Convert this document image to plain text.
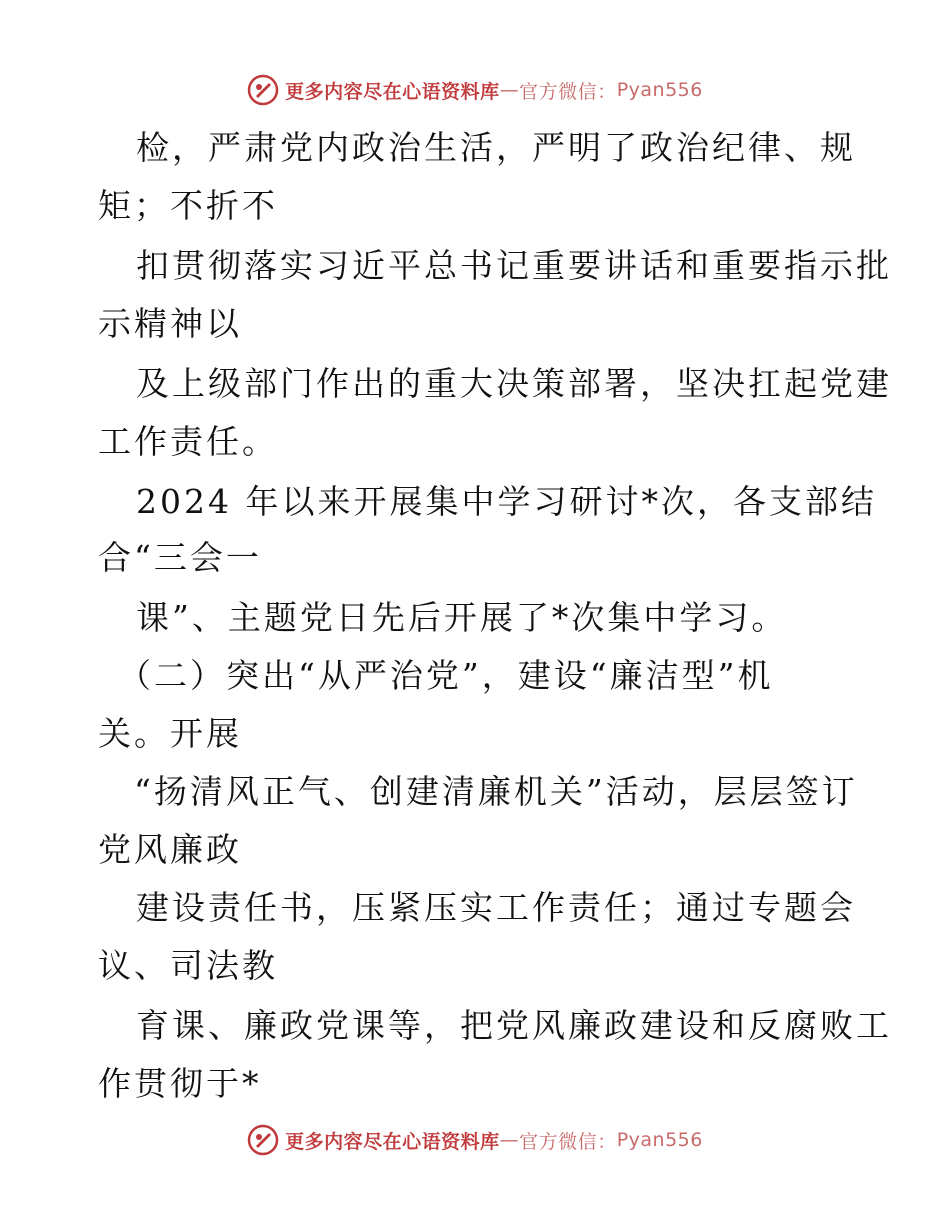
更多内容尽在心语资料库 — 官方微信： Pyan556
检，严肃党内政治生活，严明了政治纪律、规
矩；不折不
扣贯彻落实习近平总书记重要讲话和重要指示批
示精神以
及上级部门作出的重大决策部署，坚决扛起党建
工作责任。
2024 年以来开展集中学习研讨*次，各支部结
合“三会一
课”、主题党日先后开展了*次集中学习。
（二）突出“从严治党”，建设“廉洁型”机
关。开展
“扬清风正气、创建清廉机关”活动，层层签订
党风廉政
建设责任书，压紧压实工作责任；通过专题会
议、司法教
育课、廉政党课等，把党风廉政建设和反腐败工
作贯彻于*
更多内容尽在心语资料库 — 官方微信： Pyan556
